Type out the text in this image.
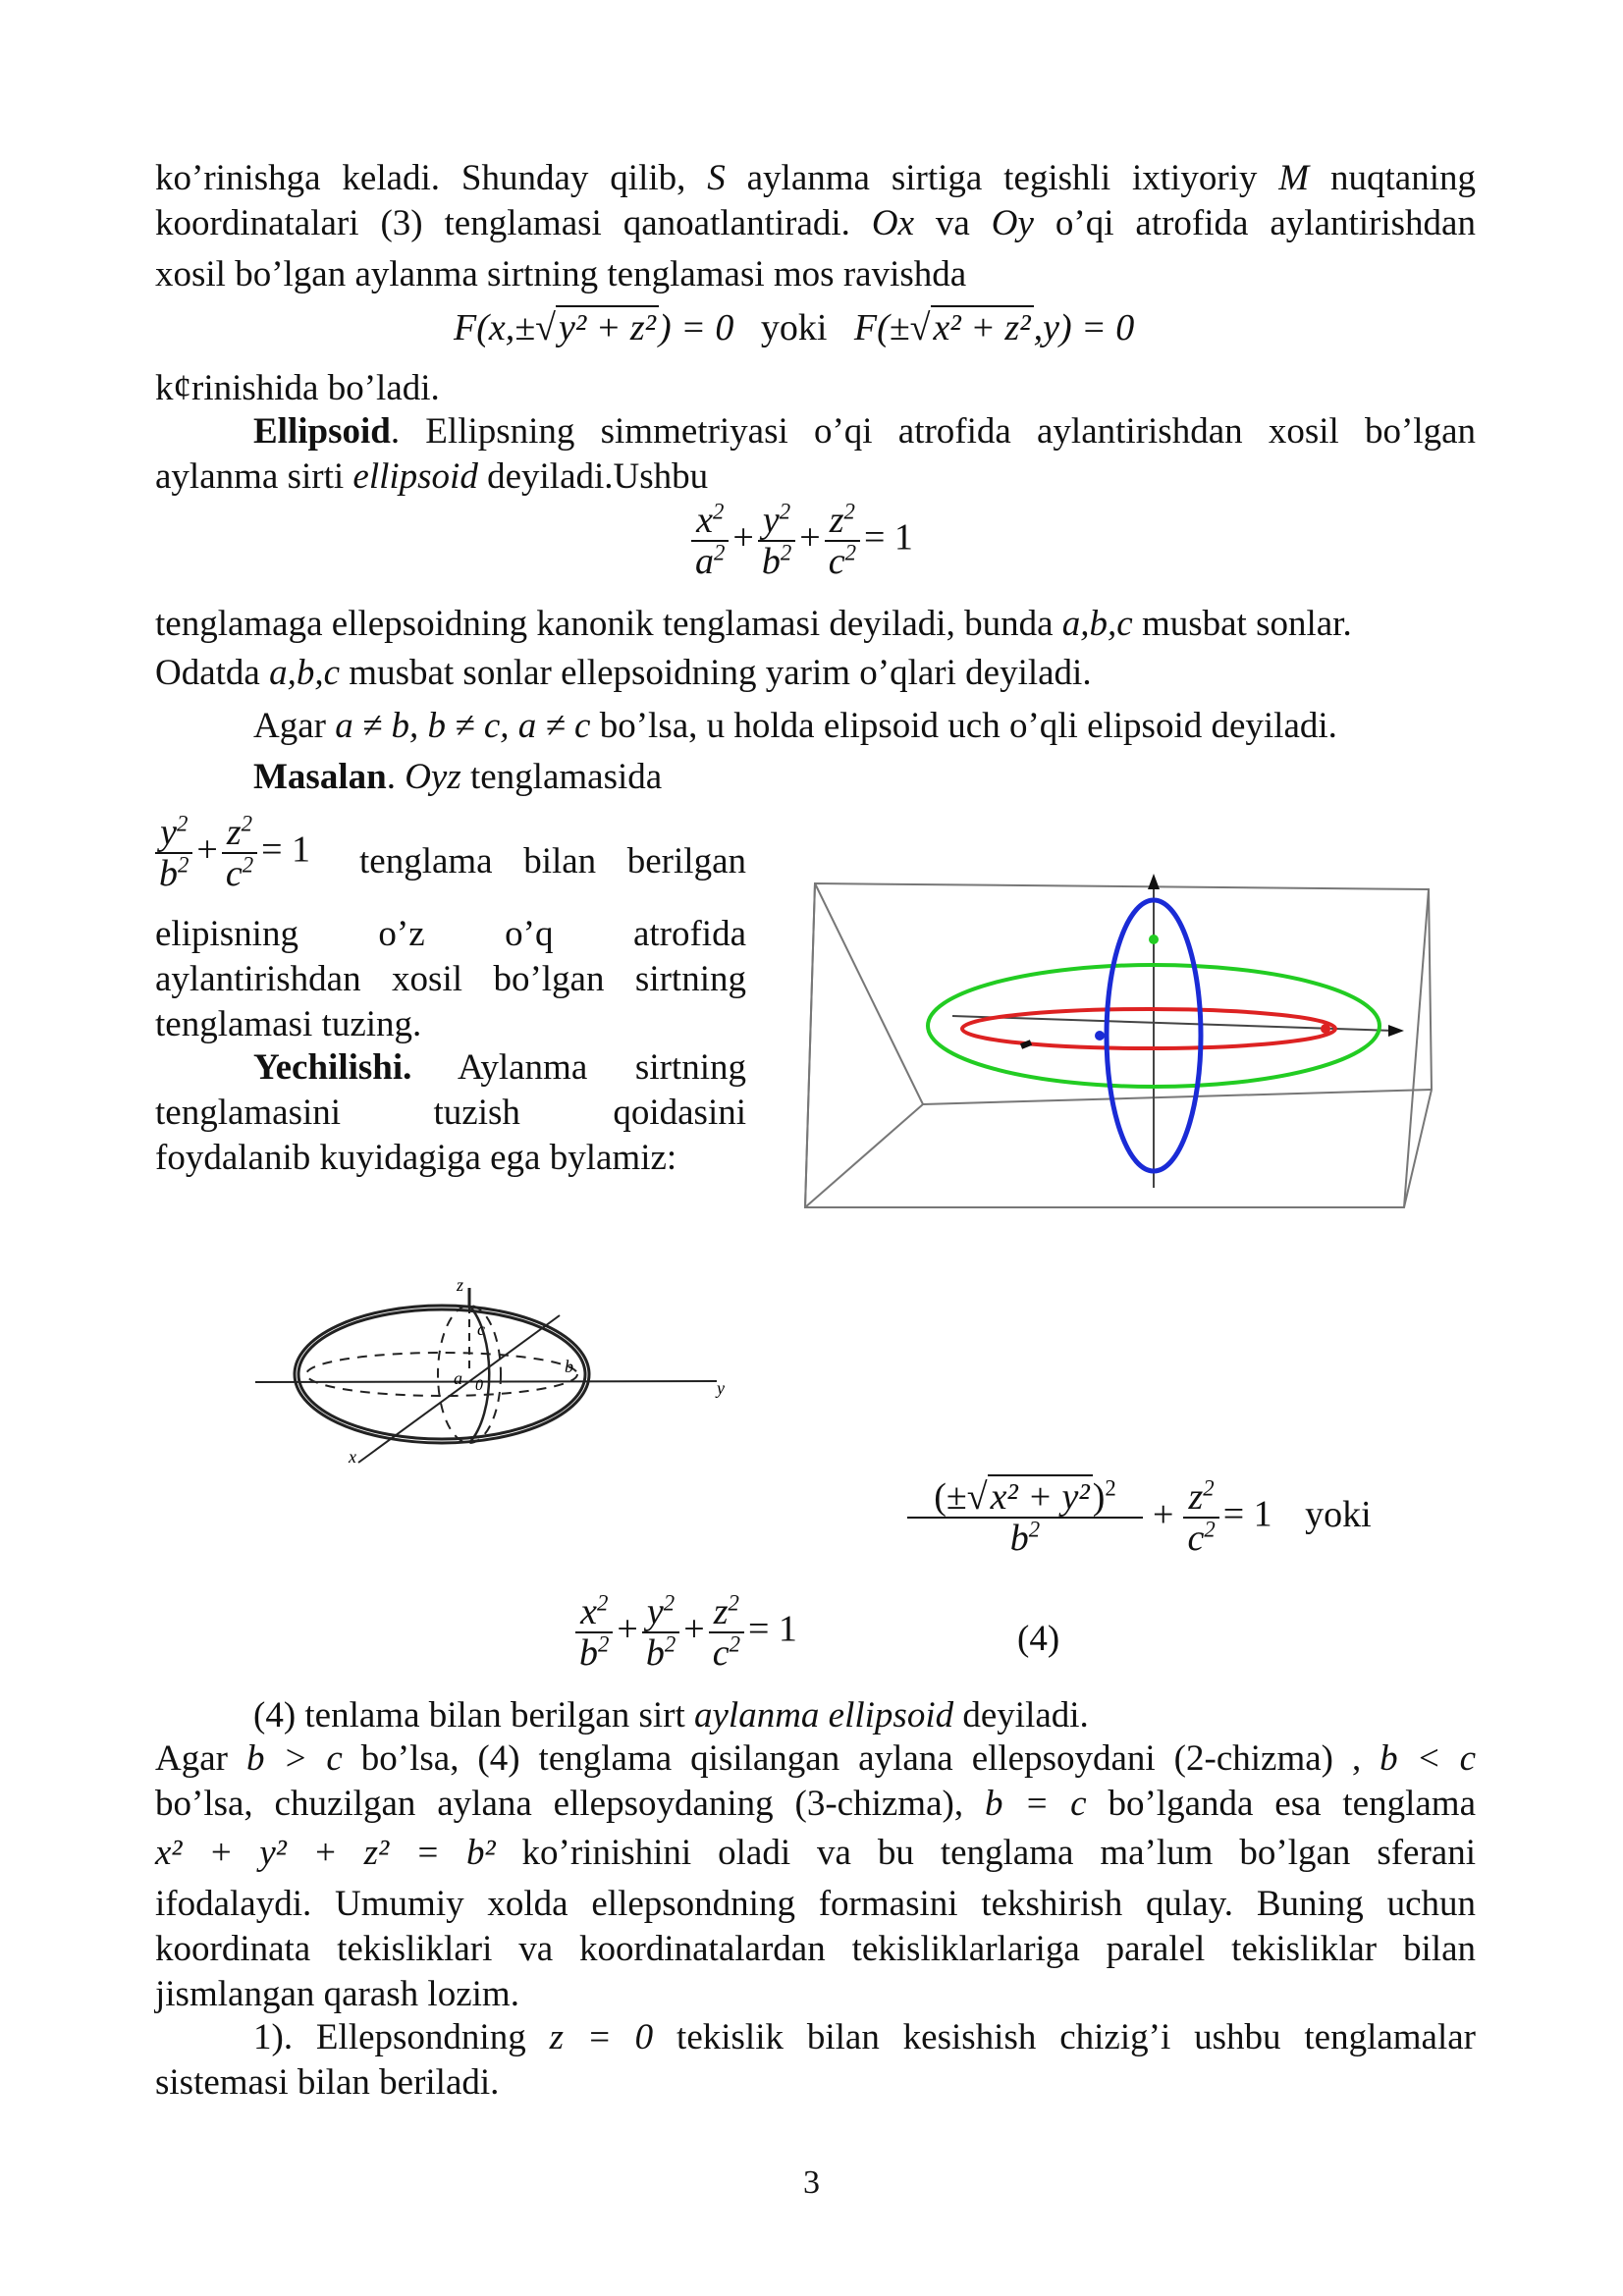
ko’rinishga keladi. Shunday qilib, S aylanma sirtiga tegishli ixtiyoriy M nuqtaning
koordinatalari (3) tenglamasi qanoatlantiradi. Ox va Oy o’qi atrofida aylantirishdan
xosil bo’lgan aylanma sirtning tenglamasi mos ravishda
F(x,±√y² + z²) = 0 yoki F(±√x² + z²,y) = 0
k¢rinishida bo’ladi.
Ellipsoid. Ellipsning simmetriyasi o’qi atrofida aylantirishdan xosil bo’lgan
aylanma sirti ellipsoid deyiladi.Ushbu
$\frac{x^2}{a^2} + \frac{y^2}{b^2} + \frac{z^2}{c^2} = 1$
tenglamaga ellepsoidning kanonik tenglamasi deyiladi, bunda a,b,c musbat sonlar.
Odatda a,b,c musbat sonlar ellepsoidning yarim o’qlari deyiladi.
Agar a ≠ b, b ≠ c, a ≠ c bo’lsa, u holda elipsoid uch o’qli elipsoid deyiladi.
Masalan. Oyz tenglamasida
$\frac{y^2}{b^2} + \frac{z^2}{c^2} = 1$ tenglama bilan berilgan
elipisning o’z o’q atrofida
aylantirishdan xosil bo’lgan sirtning
tenglamasi tuzing.
Yechilishi. Aylanma sirtning
tenglamasini tuzish qoidasini
foydalanib kuyidagiga ega bylamiz:
z
y
x
c
b
a 0
$\frac{(\pm√x^2 + y^2)^2}{b^2} + \frac{z^2}{c^2} = 1$ yoki
$\frac{x^2}{b^2} + \frac{y^2}{b^2} + \frac{z^2}{c^2} = 1$	(4)
(4) tenlama bilan berilgan sirt aylanma ellipsoid deyiladi.
Agar b > c bo’lsa, (4) tenglama qisilangan aylana ellepsoydani (2-chizma) , b < c
bo’lsa, chuzilgan aylana ellepsoydaning (3-chizma), b = c bo’lganda esa tenglama
x² + y² + z² = b² ko’rinishini oladi va bu tenglama ma’lum bo’lgan sferani
ifodalaydi. Umumiy xolda ellepsondning formasini tekshirish qulay. Buning uchun
koordinata tekisliklari va koordinatalardan tekisliklarlariga paralel tekisliklar bilan
jismlangan qarash lozim.
1). Ellepsondning z = 0 tekislik bilan kesishish chizig’i ushbu tenglamalar
sistemasi bilan beriladi.
3
